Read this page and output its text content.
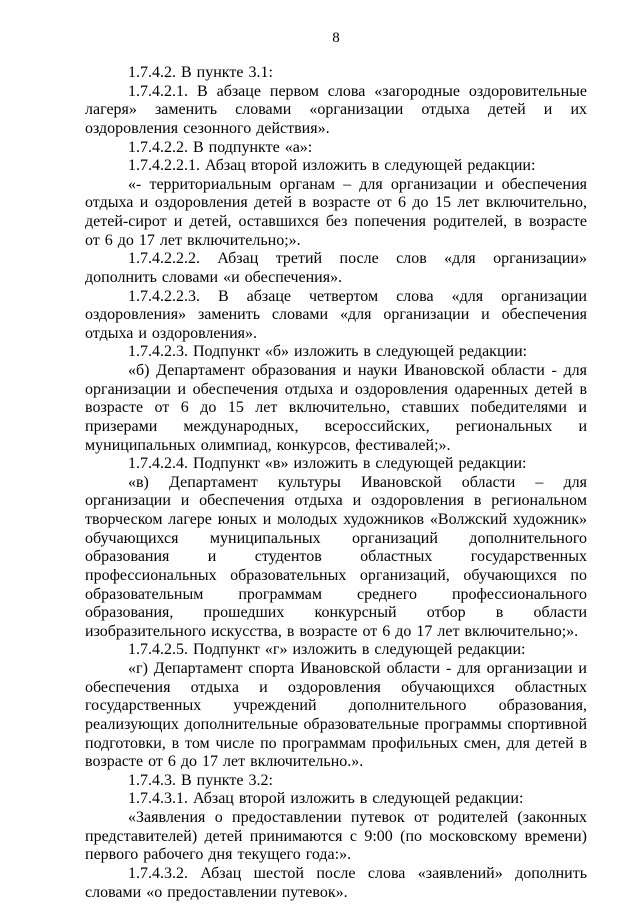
8

1.7.4.2. В пункте 3.1:

1.7.4.2.1. В абзаце первом слова «загородные оздоровительные лагеря» заменить словами «организации отдыха детей и их оздоровления сезонного действия».

1.7.4.2.2. В подпункте «а»:

1.7.4.2.2.1. Абзац второй изложить в следующей редакции:

«- территориальным органам – для организации и обеспечения отдыха и оздоровления детей в возрасте от 6 до 15 лет включительно, детей-сирот и детей, оставшихся без попечения родителей, в возрасте от 6 до 17 лет включительно;».

1.7.4.2.2.2. Абзац третий после слов «для организации» дополнить словами «и обеспечения».

1.7.4.2.2.3. В абзаце четвертом слова «для организации оздоровления» заменить словами «для организации и обеспечения отдыха и оздоровления».

1.7.4.2.3. Подпункт «б» изложить в следующей редакции:

«б) Департамент образования и науки Ивановской области - для организации и обеспечения отдыха и оздоровления одаренных детей в возрасте от 6 до 15 лет включительно, ставших победителями и призерами международных, всероссийских, региональных и муниципальных олимпиад, конкурсов, фестивалей;».

1.7.4.2.4. Подпункт «в» изложить в следующей редакции:

«в) Департамент культуры Ивановской области – для организации и обеспечения отдыха и оздоровления в региональном творческом лагере юных и молодых художников «Волжский художник» обучающихся муниципальных организаций дополнительного образования и студентов областных государственных профессиональных образовательных организаций, обучающихся по образовательным программам среднего профессионального образования, прошедших конкурсный отбор в области изобразительного искусства, в возрасте от 6 до 17 лет включительно;».

1.7.4.2.5. Подпункт «г» изложить в следующей редакции:

«г) Департамент спорта Ивановской области - для организации и обеспечения отдыха и оздоровления обучающихся областных государственных учреждений дополнительного образования, реализующих дополнительные образовательные программы спортивной подготовки, в том числе по программам профильных смен, для детей в возрасте от 6 до 17 лет включительно.».

1.7.4.3. В пункте 3.2:

1.7.4.3.1. Абзац второй изложить в следующей редакции:

«Заявления о предоставлении путевок от родителей (законных представителей) детей принимаются с 9:00 (по московскому времени) первого рабочего дня текущего года:».

1.7.4.3.2. Абзац шестой после слова «заявлений» дополнить словами «о предоставлении путевок».
